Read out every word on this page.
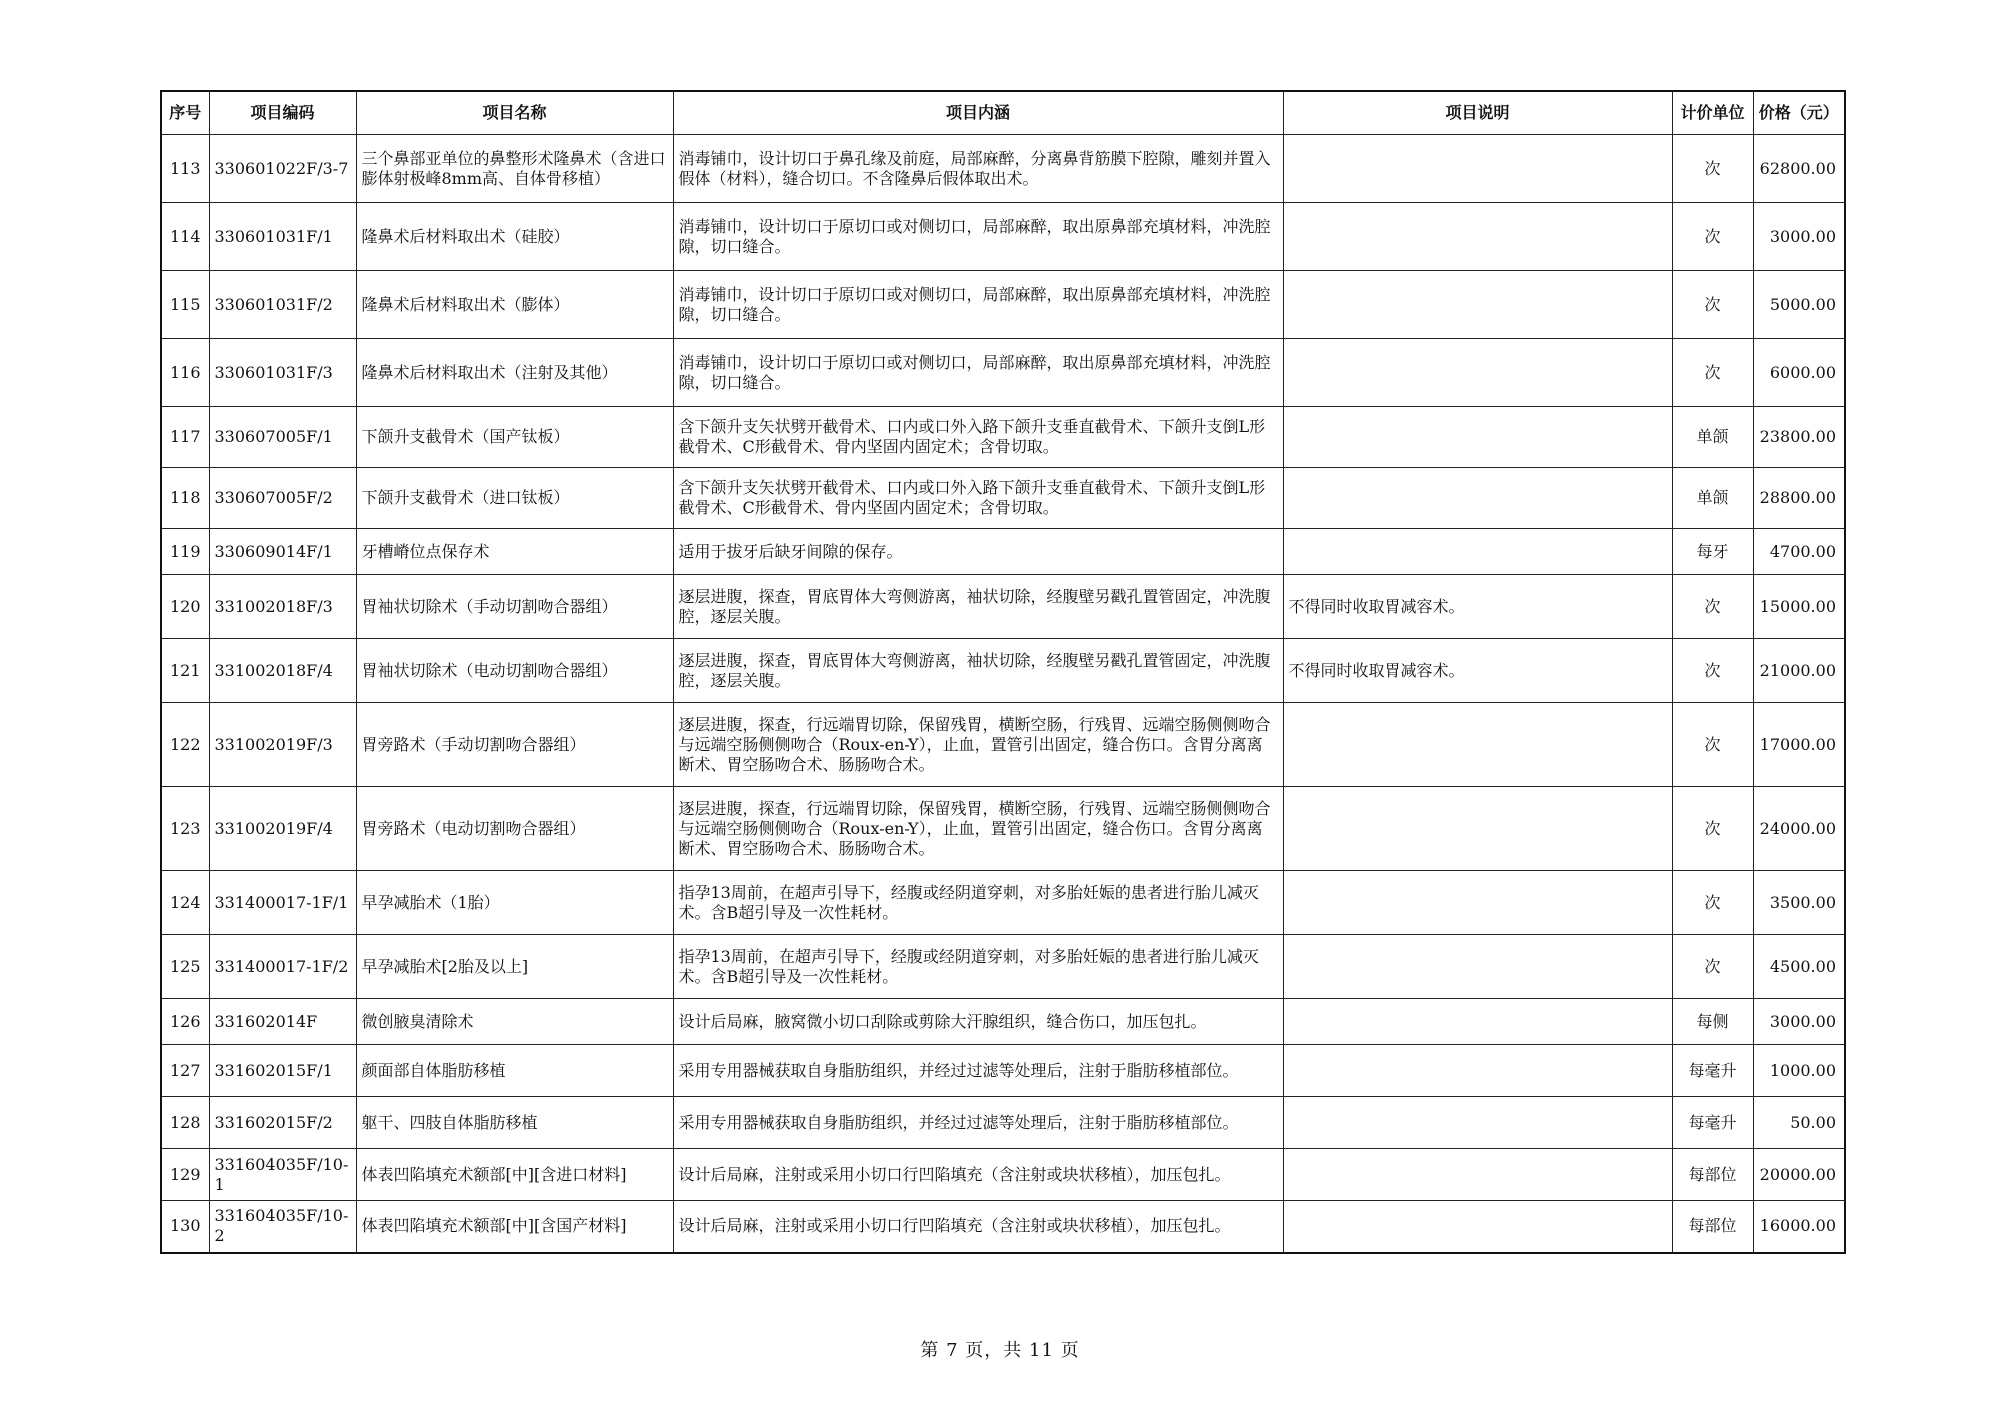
序号	项目编码	项目名称	项目内涵	项目说明	计价单位	价格（元）
113	330601022F/3-7	三个鼻部亚单位的鼻整形术隆鼻术（含进口膨体射极峰8mm高、自体骨移植）	消毒铺巾，设计切口于鼻孔缘及前庭，局部麻醉，分离鼻背筋膜下腔隙，雕刻并置入假体（材料），缝合切口。不含隆鼻后假体取出术。		次	62800.00
114	330601031F/1	隆鼻术后材料取出术（硅胶）	消毒铺巾，设计切口于原切口或对侧切口，局部麻醉，取出原鼻部充填材料，冲洗腔隙，切口缝合。		次	3000.00
115	330601031F/2	隆鼻术后材料取出术（膨体）	消毒铺巾，设计切口于原切口或对侧切口，局部麻醉，取出原鼻部充填材料，冲洗腔隙，切口缝合。		次	5000.00
116	330601031F/3	隆鼻术后材料取出术（注射及其他）	消毒铺巾，设计切口于原切口或对侧切口，局部麻醉，取出原鼻部充填材料，冲洗腔隙，切口缝合。		次	6000.00
117	330607005F/1	下颌升支截骨术（国产钛板）	含下颌升支矢状劈开截骨术、口内或口外入路下颌升支垂直截骨术、下颌升支倒L形截骨术、C形截骨术、骨内坚固内固定术；含骨切取。		单颌	23800.00
118	330607005F/2	下颌升支截骨术（进口钛板）	含下颌升支矢状劈开截骨术、口内或口外入路下颌升支垂直截骨术、下颌升支倒L形截骨术、C形截骨术、骨内坚固内固定术；含骨切取。		单颌	28800.00
119	330609014F/1	牙槽嵴位点保存术	适用于拔牙后缺牙间隙的保存。		每牙	4700.00
120	331002018F/3	胃袖状切除术（手动切割吻合器组）	逐层进腹，探查，胃底胃体大弯侧游离，袖状切除，经腹壁另戳孔置管固定，冲洗腹腔，逐层关腹。	不得同时收取胃减容术。	次	15000.00
121	331002018F/4	胃袖状切除术（电动切割吻合器组）	逐层进腹，探查，胃底胃体大弯侧游离，袖状切除，经腹壁另戳孔置管固定，冲洗腹腔，逐层关腹。	不得同时收取胃减容术。	次	21000.00
122	331002019F/3	胃旁路术（手动切割吻合器组）	逐层进腹，探查，行远端胃切除，保留残胃，横断空肠，行残胃、远端空肠侧侧吻合与远端空肠侧侧吻合（Roux-en-Y），止血，置管引出固定，缝合伤口。含胃分离离断术、胃空肠吻合术、肠肠吻合术。		次	17000.00
123	331002019F/4	胃旁路术（电动切割吻合器组）	逐层进腹，探查，行远端胃切除，保留残胃，横断空肠，行残胃、远端空肠侧侧吻合与远端空肠侧侧吻合（Roux-en-Y），止血，置管引出固定，缝合伤口。含胃分离离断术、胃空肠吻合术、肠肠吻合术。		次	24000.00
124	331400017-1F/1	早孕减胎术（1胎）	指孕13周前，在超声引导下，经腹或经阴道穿刺，对多胎妊娠的患者进行胎儿减灭术。含B超引导及一次性耗材。		次	3500.00
125	331400017-1F/2	早孕减胎术[2胎及以上]	指孕13周前，在超声引导下，经腹或经阴道穿刺，对多胎妊娠的患者进行胎儿减灭术。含B超引导及一次性耗材。		次	4500.00
126	331602014F	微创腋臭清除术	设计后局麻，腋窝微小切口刮除或剪除大汗腺组织，缝合伤口，加压包扎。		每侧	3000.00
127	331602015F/1	颜面部自体脂肪移植	采用专用器械获取自身脂肪组织，并经过过滤等处理后，注射于脂肪移植部位。		每毫升	1000.00
128	331602015F/2	躯干、四肢自体脂肪移植	采用专用器械获取自身脂肪组织，并经过过滤等处理后，注射于脂肪移植部位。		每毫升	50.00
129	331604035F/10-1	体表凹陷填充术额部[中][含进口材料]	设计后局麻，注射或采用小切口行凹陷填充（含注射或块状移植），加压包扎。		每部位	20000.00
130	331604035F/10-2	体表凹陷填充术额部[中][含国产材料]	设计后局麻，注射或采用小切口行凹陷填充（含注射或块状移植），加压包扎。		每部位	16000.00
第 7 页，共 11 页
